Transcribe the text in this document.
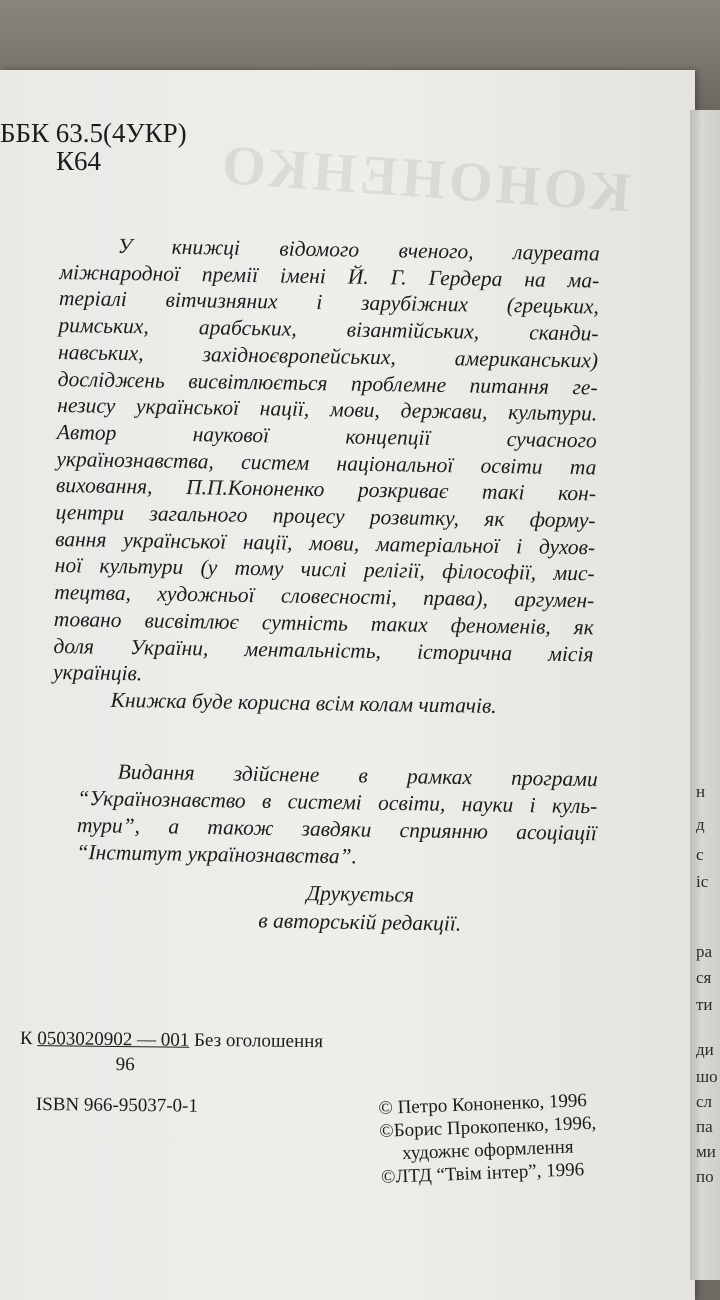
КОНОНЕНКО
н
д
с
іс
ра
ся
ти
ди
шо
сл
па
ми
по
ББК 63.5(4УКР)
К64
У книжці відомого вченого, лауреата
міжнародної премії імені Й. Г. Гердера на ма-
теріалі вітчизняних і зарубіжних (грецьких,
римських, арабських, візантійських, сканди-
навських, західноєвропейських, американських)
досліджень висвітлюється проблемне питання ге-
незису української нації, мови, держави, культури.
Автор наукової концепції сучасного
українознавства, систем національної освіти та
виховання, П.П.Кононенко розкриває такі кон-
центри загального процесу розвитку, як форму-
вання української нації, мови, матеріальної і духов-
ної культури (у тому числі релігії, філософії, мис-
тецтва, художньої словесності, права), аргумен-
товано висвітлює сутність таких феноменів, як
доля України, ментальність, історична місія
українців.
Книжка буде корисна всім колам читачів.
Видання здійснене в рамках програми
“Українознавство в системі освіти, науки і куль-
тури”, а також завдяки сприянню асоціації
“Інститут українознавства”.
Друкується
в авторській редакції.
К 0503020902 — 001 Без оголошення
96
ISBN 966-95037-0-1	© Петро Кононенко, 1996
©Борис Прокопенко, 1996,
художнє оформлення
©ЛТД “Твім інтер”, 1996
